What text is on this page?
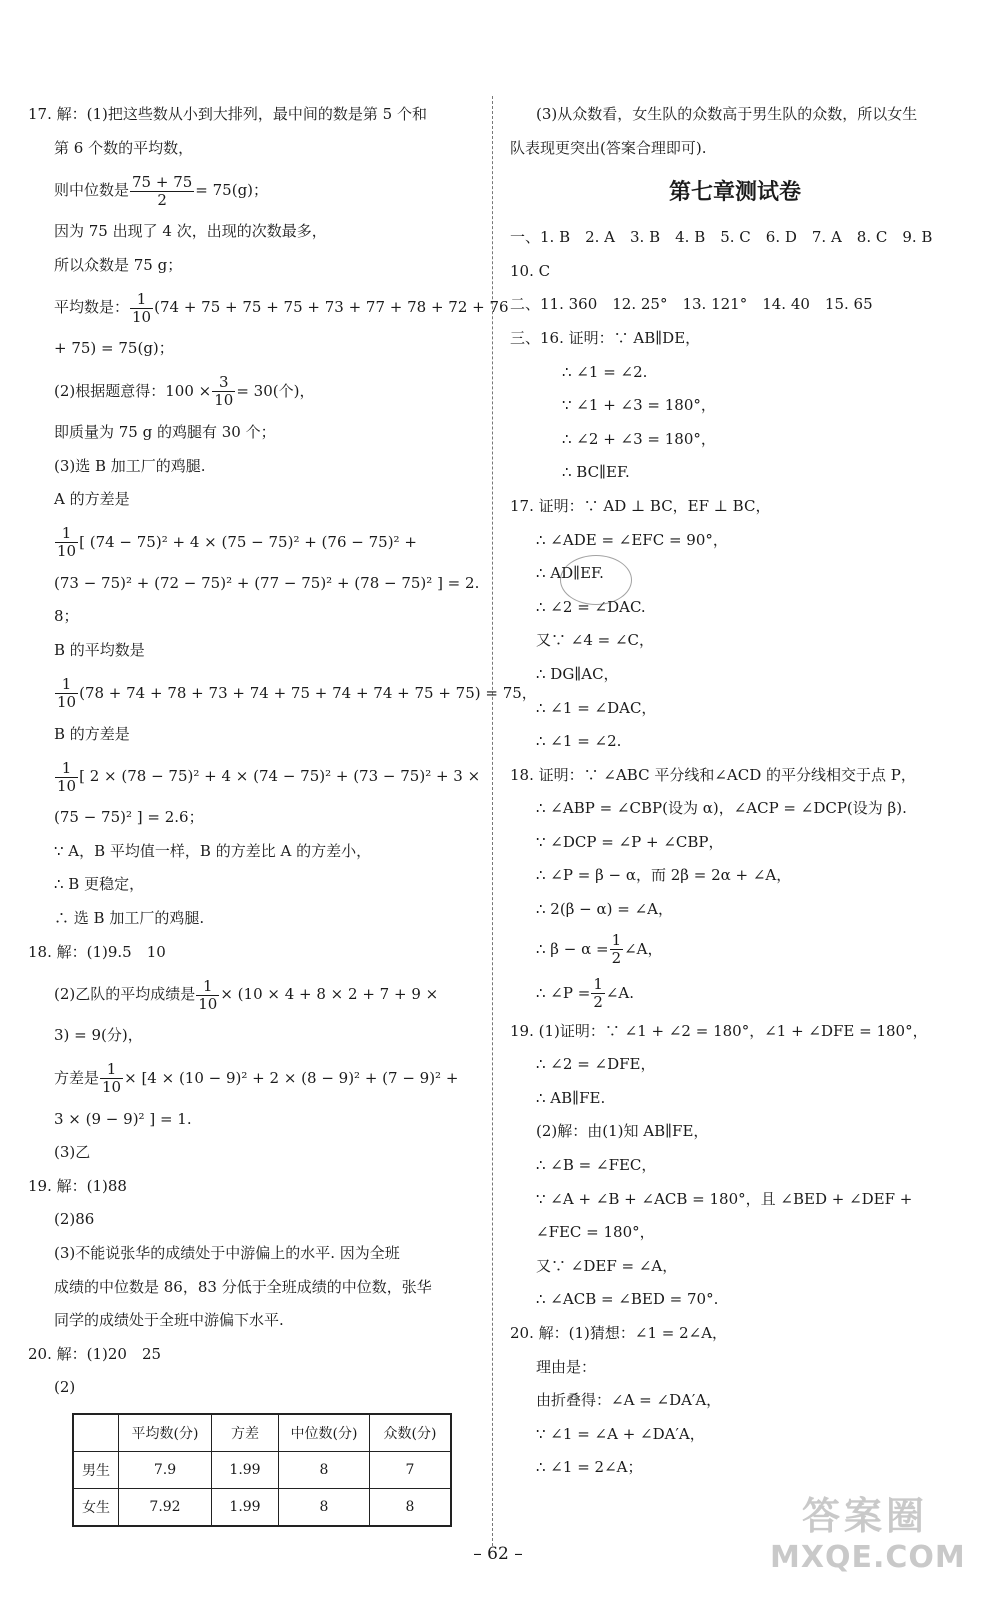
17. 解：(1)把这些数从小到大排列，最中间的数是第 5 个和
第 6 个数的平均数，
则中位数是 $\frac{75 + 75}{2} = 75(g)$；
因为 75 出现了 4 次，出现的次数最多，
所以众数是 75 g；
平均数是： $\frac{1}{10} (74 + 75 + 75 + 75 + 73 + 77 + 78 + 72 + 76$
+ 75) = 75(g)；
(2)根据题意得：$100 \times \frac{3}{10} = 30$(个)，
即质量为 75 g 的鸡腿有 30 个；
(3)选 B 加工厂的鸡腿.
A 的方差是
$\frac{1}{10}$ [ (74 − 75)² + 4 × (75 − 75)² + (76 − 75)² +
(73 − 75)² + (72 − 75)² + (77 − 75)² + (78 − 75)² ] = 2.
8；
B 的平均数是
$\frac{1}{10} (78 + 74 + 78 + 73 + 74 + 75 + 74 + 74 + 75 + 75) = 75$，
B 的方差是
$\frac{1}{10}$ [ 2 × (78 − 75)² + 4 × (74 − 75)² + (73 − 75)² + 3 ×
(75 − 75)² ] = 2.6；
∵ A，B 平均值一样，B 的方差比 A 的方差小，
∴ B 更稳定，
∴ 选 B 加工厂的鸡腿.
18. 解：(1)9.5　10
(2)乙队的平均成绩是 $\frac{1}{10} \times (10 \times 4 + 8 \times 2 + 7 + 9$ ×
3) = 9(分)，
方差是 $\frac{1}{10} \times [4 \times (10 - 9)^2 + 2 \times (8 - 9)^2 + (7 - 9)^2$ +
3 × (9 − 9)² ] = 1.
(3)乙
19. 解：(1)88
(2)86
(3)不能说张华的成绩处于中游偏上的水平. 因为全班
成绩的中位数是 86，83 分低于全班成绩的中位数，张华
同学的成绩处于全班中游偏下水平.
20. 解：(1)20　25
(2)
	平均数(分)	方差	中位数(分)	众数(分)
男生	7.9	1.99	8	7
女生	7.92	1.99	8	8
(3)从众数看，女生队的众数高于男生队的众数，所以女生
队表现更突出(答案合理即可).
第七章测试卷
一、1. B　2. A　3. B　4. B　5. C　6. D　7. A　8. C　9. B
10. C
二、11. 360　12. 25°　13. 121°　14. 40　15. 65
三、16. 证明：∵ AB∥DE，
∴ ∠1 = ∠2.
∵ ∠1 + ∠3 = 180°，
∴ ∠2 + ∠3 = 180°，
∴ BC∥EF.
17. 证明：∵ AD ⊥ BC，EF ⊥ BC，
∴ ∠ADE = ∠EFC = 90°，
∴ AD∥EF.
∴ ∠2 = ∠DAC.
又∵ ∠4 = ∠C，
∴ DG∥AC，
∴ ∠1 = ∠DAC，
∴ ∠1 = ∠2.
18. 证明：∵ ∠ABC 平分线和∠ACD 的平分线相交于点 P，
∴ ∠ABP = ∠CBP(设为 α)，∠ACP = ∠DCP(设为 β).
∵ ∠DCP = ∠P + ∠CBP，
∴ ∠P = β − α，而 2β = 2α + ∠A，
∴ 2(β − α) = ∠A，
∴ $\beta - \alpha = \frac{1}{2}$ ∠A，
∴ ∠P = $\frac{1}{2}$ ∠A.
19. (1)证明：∵ ∠1 + ∠2 = 180°，∠1 + ∠DFE = 180°，
∴ ∠2 = ∠DFE，
∴ AB∥FE.
(2)解：由(1)知 AB∥FE，
∴ ∠B = ∠FEC，
∵ ∠A + ∠B + ∠ACB = 180°，且 ∠BED + ∠DEF +
∠FEC = 180°，
又∵ ∠DEF = ∠A，
∴ ∠ACB = ∠BED = 70°.
20. 解：(1)猜想：∠1 = 2∠A，
理由是：
由折叠得：∠A = ∠DA′A，
∵ ∠1 = ∠A + ∠DA′A，
∴ ∠1 = 2∠A；
– 62 –
答案圈
MXQE.COM
